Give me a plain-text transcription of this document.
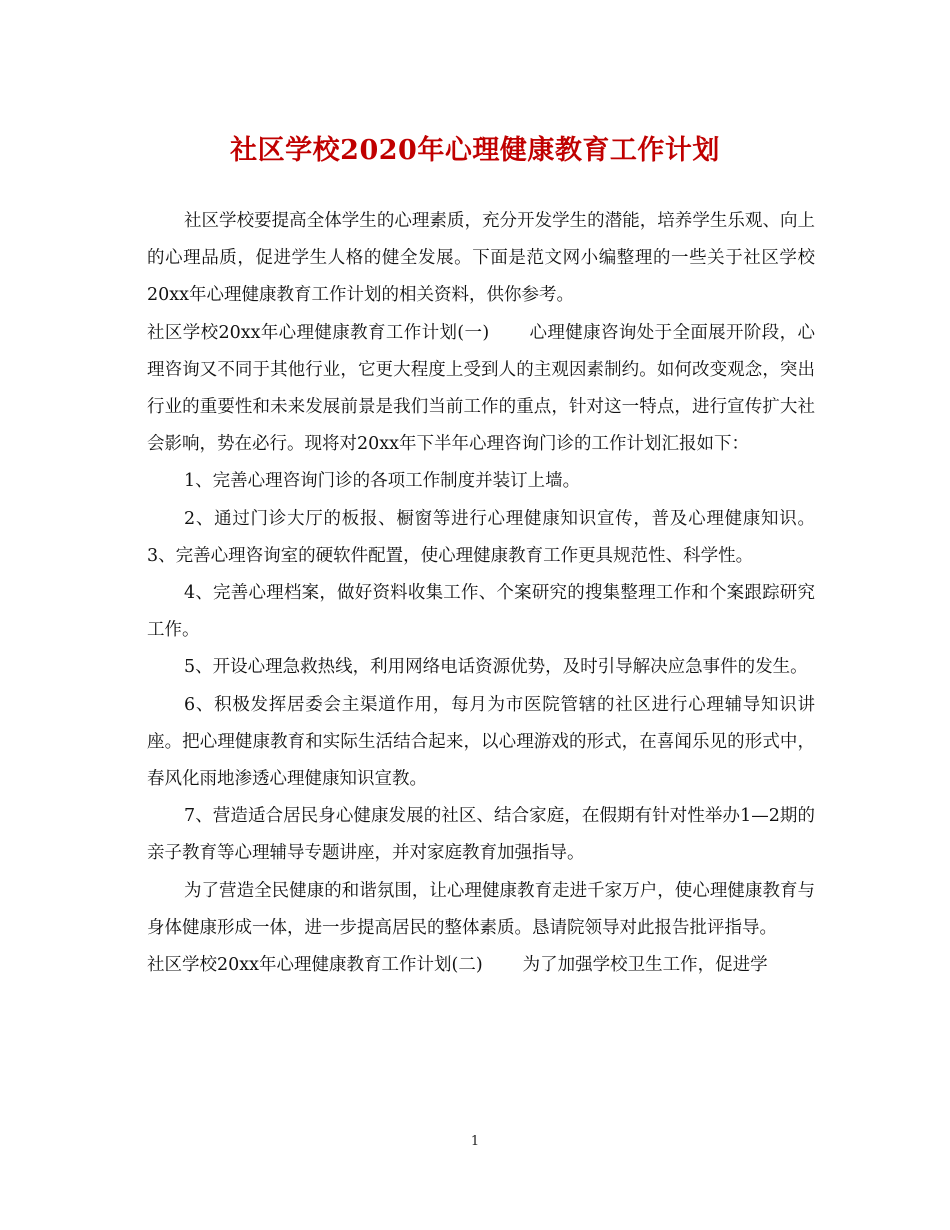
社区学校2020年心理健康教育工作计划

社区学校要提高全体学生的心理素质，充分开发学生的潜能，培养学生乐观、向上的心理品质，促进学生人格的健全发展。下面是范文网小编整理的一些关于社区学校20xx年心理健康教育工作计划的相关资料，供你参考。

社区学校20xx年心理健康教育工作计划(一) 心理健康咨询处于全面展开阶段，心理咨询又不同于其他行业，它更大程度上受到人的主观因素制约。如何改变观念，突出行业的重要性和未来发展前景是我们当前工作的重点，针对这一特点，进行宣传扩大社会影响，势在必行。现将对20xx年下半年心理咨询门诊的工作计划汇报如下：

1、完善心理咨询门诊的各项工作制度并装订上墙。

2、通过门诊大厅的板报、橱窗等进行心理健康知识宣传，普及心理健康知识。 3、完善心理咨询室的硬软件配置，使心理健康教育工作更具规范性、科学性。

4、完善心理档案，做好资料收集工作、个案研究的搜集整理工作和个案跟踪研究工作。

5、开设心理急救热线，利用网络电话资源优势，及时引导解决应急事件的发生。

6、积极发挥居委会主渠道作用，每月为市医院管辖的社区进行心理辅导知识讲座。把心理健康教育和实际生活结合起来，以心理游戏的形式，在喜闻乐见的形式中，春风化雨地渗透心理健康知识宣教。

7、营造适合居民身心健康发展的社区、结合家庭，在假期有针对性举办1—2期的亲子教育等心理辅导专题讲座，并对家庭教育加强指导。

为了营造全民健康的和谐氛围，让心理健康教育走进千家万户，使心理健康教育与身体健康形成一体，进一步提高居民的整体素质。恳请院领导对此报告批评指导。

社区学校20xx年心理健康教育工作计划(二) 为了加强学校卫生工作，促进学

1
